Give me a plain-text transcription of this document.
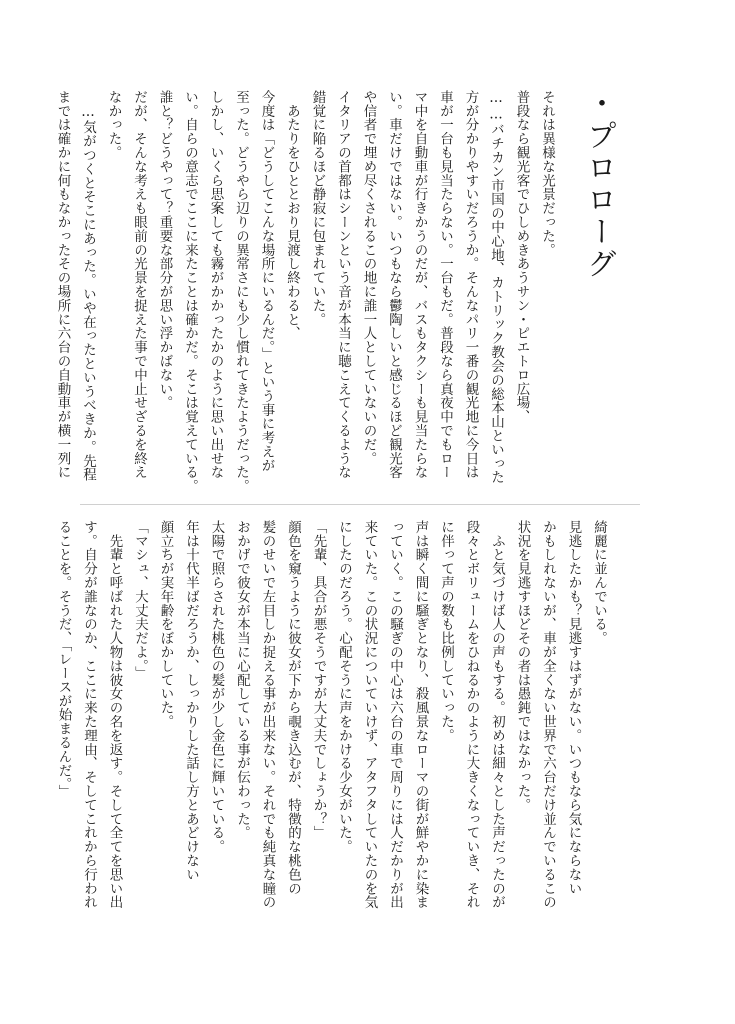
・プロローグ

それは異様な光景だった。

普段なら観光客でひしめきあうサン・ピエトロ広場、

……バチカン市国の中心地、カトリック教会の総本山といった

方が分かりやすいだろうか。そんなパリ一番の観光地に今日は

車が一台も見当たらない。一台もだ。普段なら真夜中でもロー

マ中を自動車が行きかうのだが、バスもタクシーも見当たらな

い。車だけではない。いつもなら鬱陶しいと感じるほど観光客

や信者で埋め尽くされるこの地に誰一人としていないのだ。

イタリアの首都はシーンという音が本当に聴こえてくるような

錯覚に陥るほど静寂に包まれていた。

　あたりをひととおり見渡し終わると、

今度は「どうしてこんな場所にいるんだ。」という事に考えが

至った。どうやら辺りの異常さにも少し慣れてきたようだった。

しかし、いくら思案しても霧がかかったかのように思い出せな

い。自らの意志でここに来たことは確かだ。そこは覚えている。

誰と？どうやって？重要な部分が思い浮かばない。

だが、そんな考えも眼前の光景を捉えた事で中止せざるを終え

なかった。

　…気がつくとそこにあった。いや在ったというべきか。先程

までは確かに何もなかったその場所に六台の自動車が横一列に

綺麗に並んでいる。

見逃したかも？見逃すはずがない。いつもなら気にならない

かもしれないが、車が全くない世界で六台だけ並んでいるこの

状況を見逃すほどその者は愚鈍ではなかった。

　ふと気づけば人の声もする。初めは細々とした声だったのが

段々とボリュームをひねるかのように大きくなっていき、それ

に伴って声の数も比例していった。

声は瞬く間に騒ぎとなり、殺風景なローマの街が鮮やかに染ま

っていく。この騒ぎの中心は六台の車で周りには人だかりが出

来ていた。この状況についていけず、アタフタしていたのを気

にしたのだろう。心配そうに声をかける少女がいた。

「先輩、具合が悪そうですが大丈夫でしょうか？」

顔色を窺うように彼女が下から覗き込むが、特徴的な桃色の

髪のせいで左目しか捉える事が出来ない。それでも純真な瞳の

おかげで彼女が本当に心配している事が伝わった。

太陽で照らされた桃色の髪が少し金色に輝いている。

年は十代半ばだろうか、しっかりした話し方とあどけない

顔立ちが実年齢をぼかしていた。

「マシュ、大丈夫だよ。」

　先輩と呼ばれた人物は彼女の名を返す。そして全てを思い出

す。自分が誰なのか、ここに来た理由、そしてこれから行われ

ることを。そうだ、「レースが始まるんだ。」
